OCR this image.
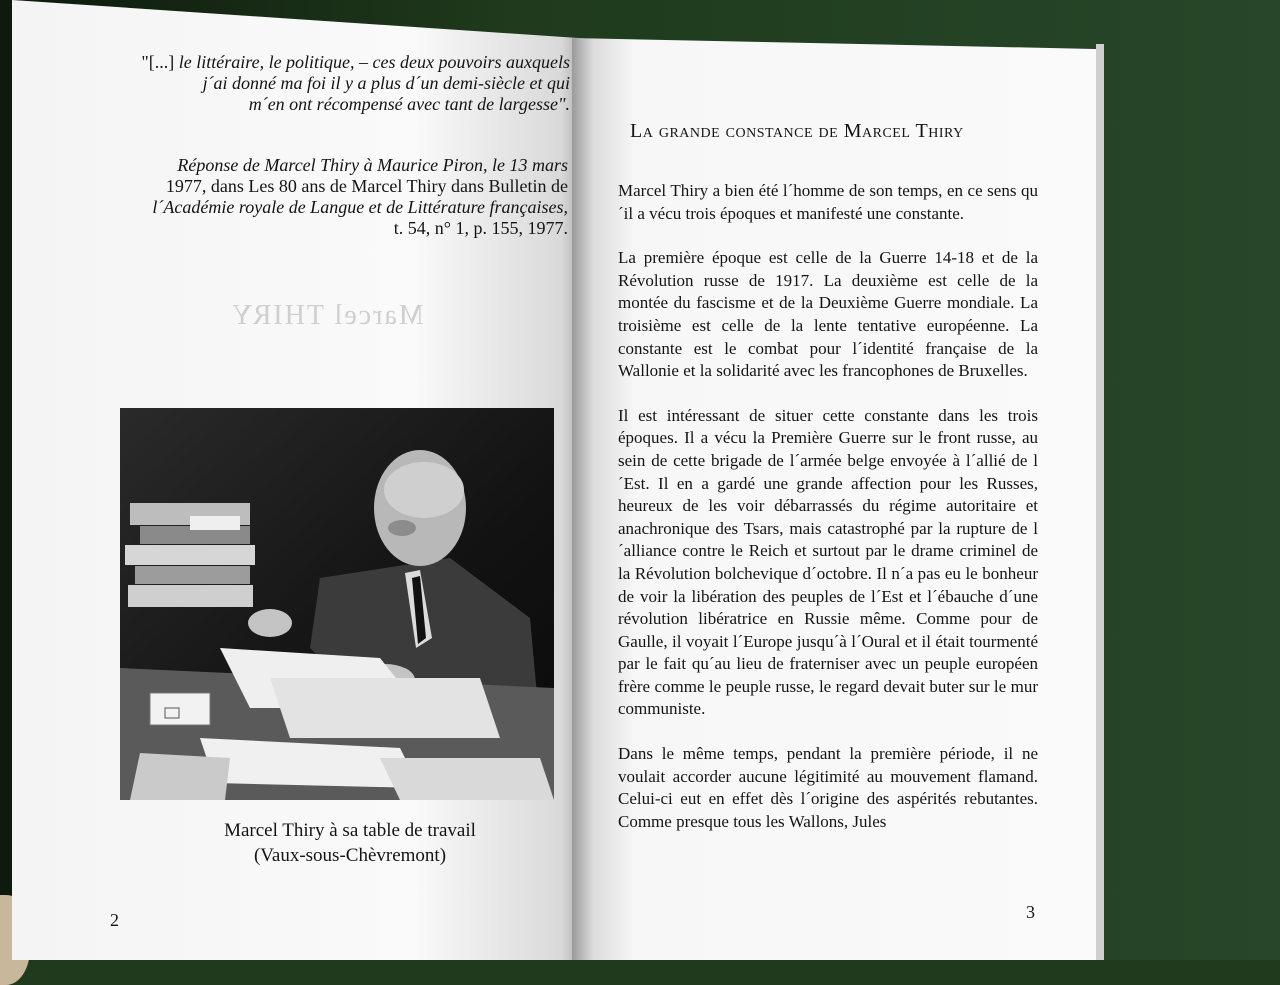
Marcel THIRY
"[...] le littéraire, le politique, – ces deux pouvoirs auxquels
j´ai donné ma foi il y a plus d´un demi-siècle et qui
m´en ont récompensé avec tant de largesse".
Réponse de Marcel Thiry à Maurice Piron, le 13 mars
1977, dans Les 80 ans de Marcel Thiry dans Bulletin de
l´Académie royale de Langue et de Littérature françaises,
t. 54, n° 1, p. 155, 1977.
Marcel Thiry à sa table de travail
(Vaux-sous-Chèvremont)
2
La grande constance de Marcel Thiry

Marcel Thiry a bien été l´homme de son temps, en ce sens qu´il a vécu trois époques et manifesté une constante.

La première époque est celle de la Guerre 14-18 et de la Révolution russe de 1917. La deuxième est celle de la montée du fascisme et de la Deuxième Guerre mondiale. La troisième est celle de la lente tentative européenne. La constante est le combat pour l´identité française de la Wallonie et la solidarité avec les francophones de Bruxelles.

Il est intéressant de situer cette constante dans les trois époques. Il a vécu la Première Guerre sur le front russe, au sein de cette brigade de l´armée belge envoyée à l´allié de l´Est. Il en a gardé une grande affection pour les Russes, heureux de les voir débarrassés du régime autoritaire et anachronique des Tsars, mais catastrophé par la rupture de l´alliance contre le Reich et surtout par le drame criminel de la Révolution bolchevique d´octobre. Il n´a pas eu le bonheur de voir la libération des peuples de l´Est et l´ébauche d´une révolution libératrice en Russie même. Comme pour de Gaulle, il voyait l´Europe jusqu´à l´Oural et il était tourmenté par le fait qu´au lieu de fraterniser avec un peuple européen frère comme le peuple russe, le regard devait buter sur le mur communiste.

Dans le même temps, pendant la première période, il ne voulait accorder aucune légitimité au mouvement flamand. Celui-ci eut en effet dès l´origine des aspérités rebutantes. Comme presque tous les Wallons, Jules

3
